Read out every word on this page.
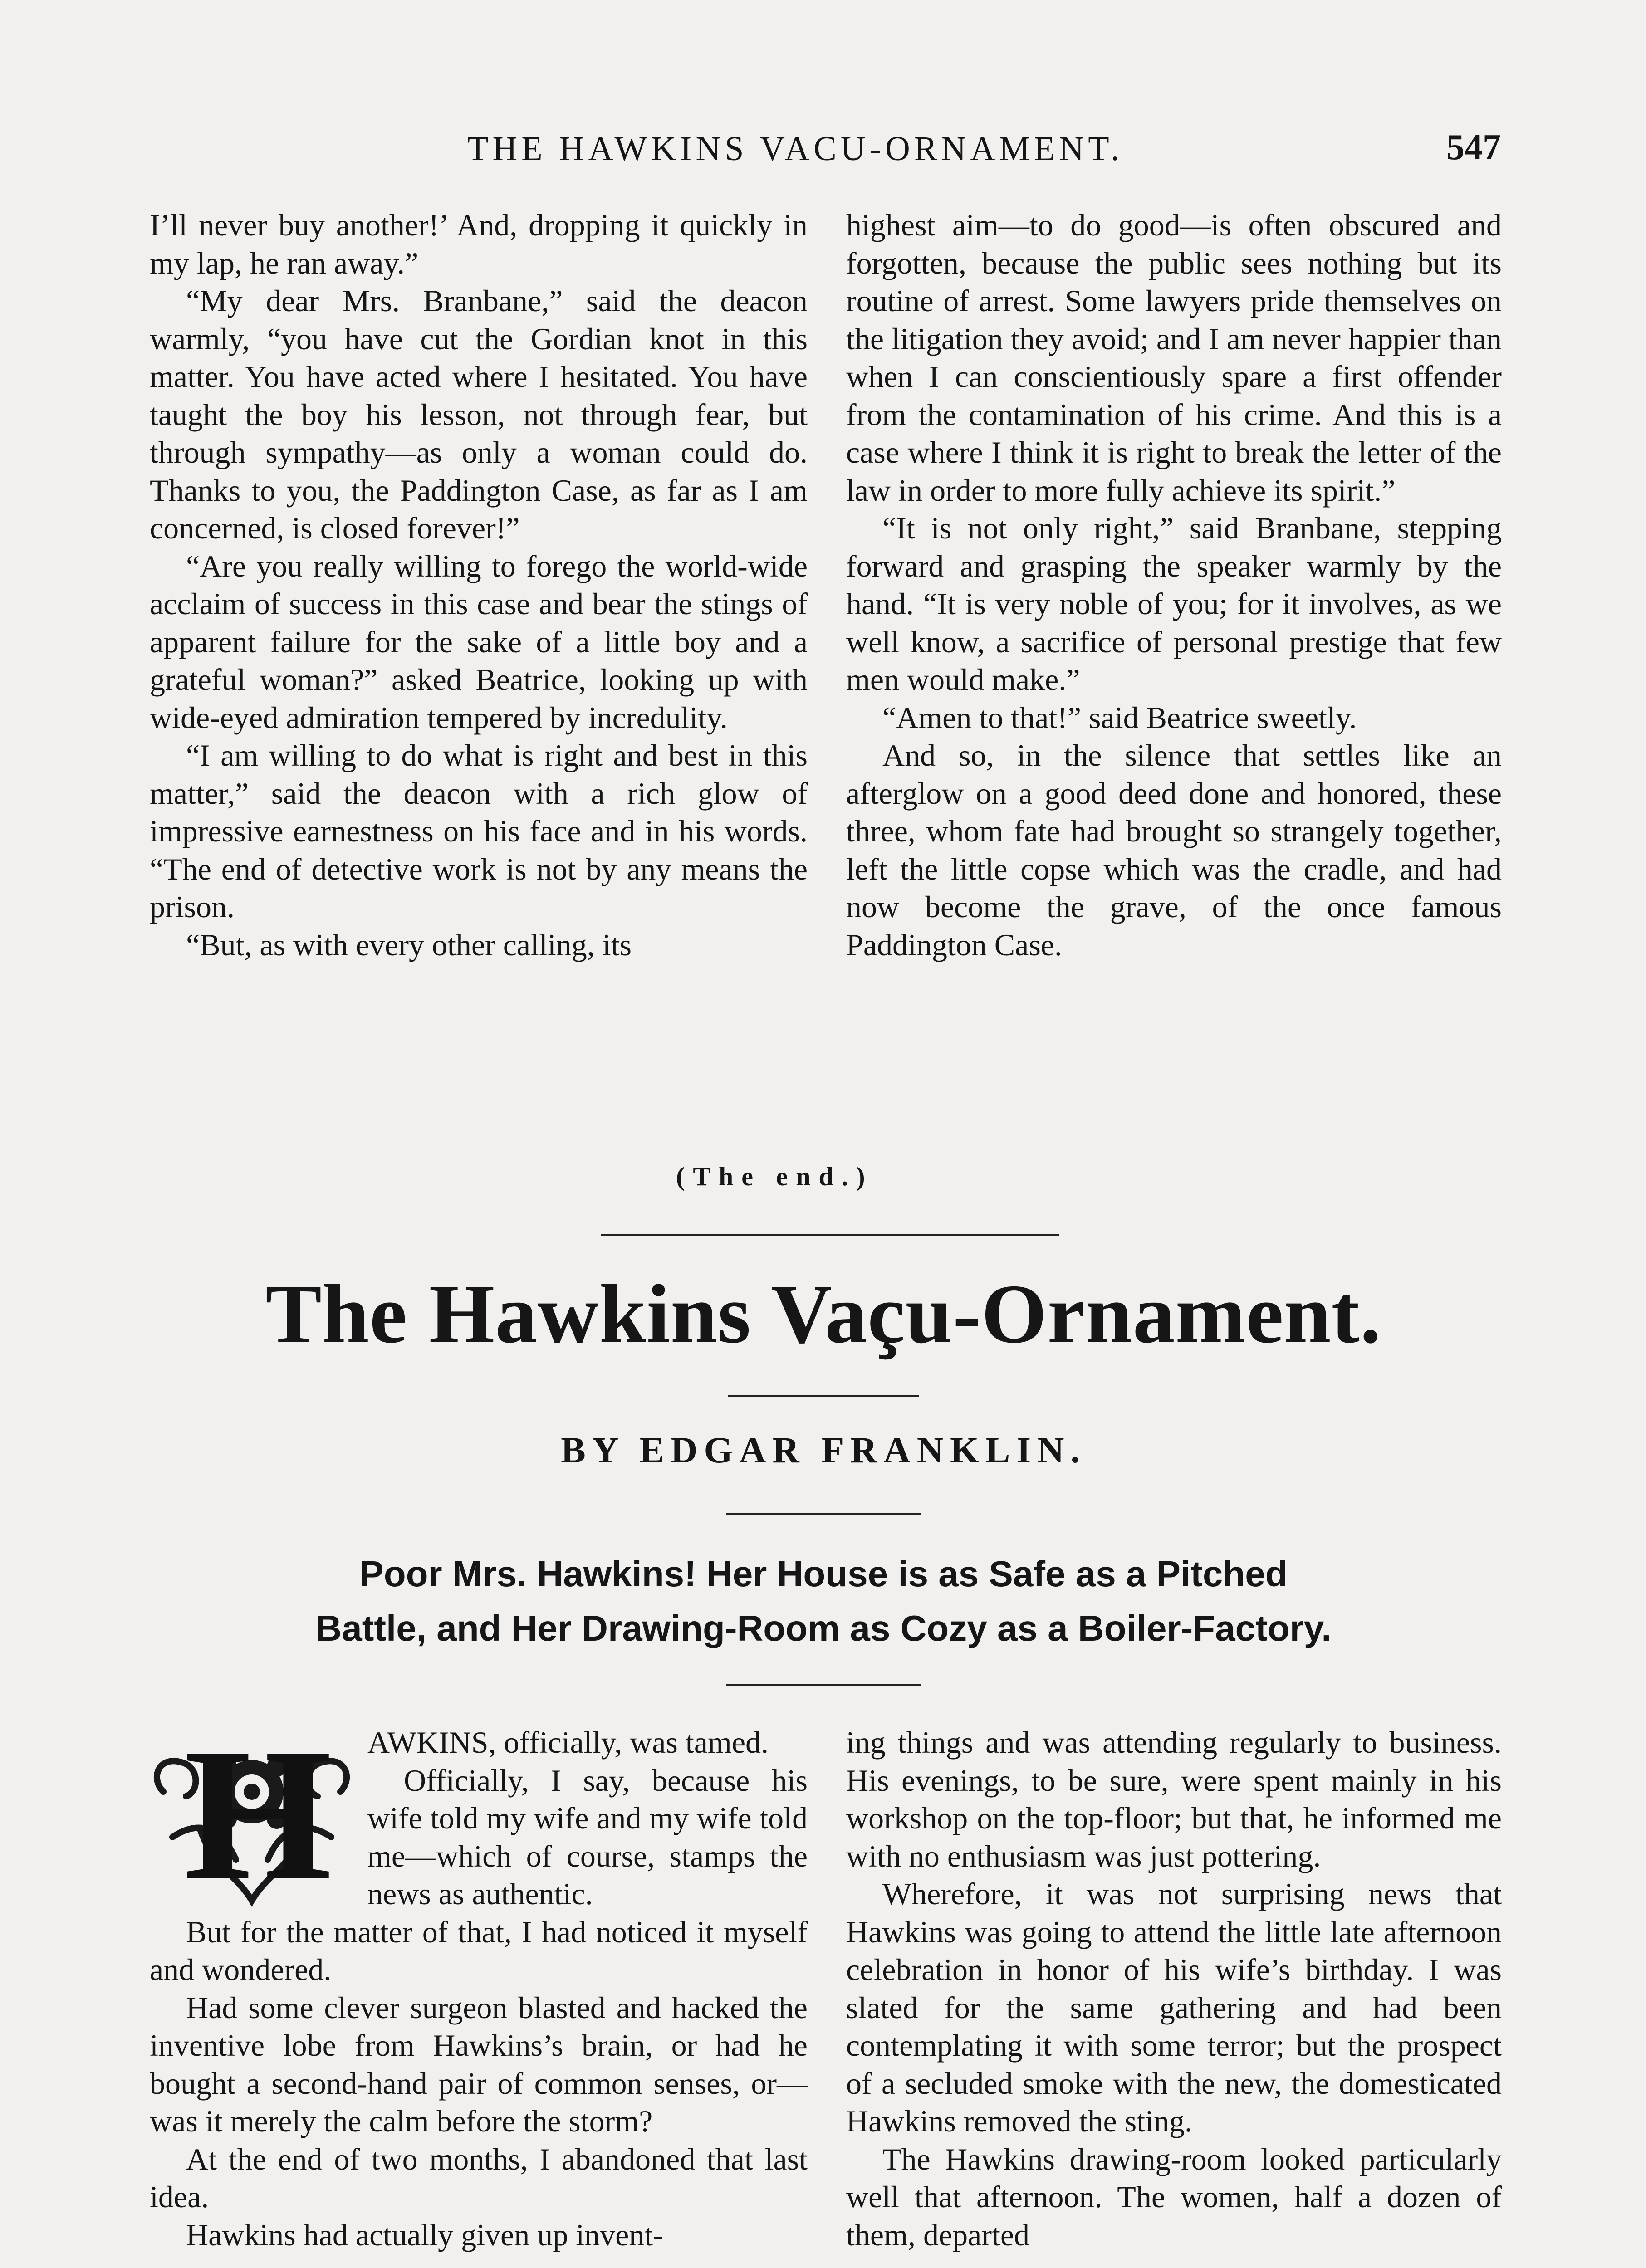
THE HAWKINS VACU-ORNAMENT.	547

I’ll never buy another!’ And, dropping it quickly in my lap, he ran away.”

“My dear Mrs. Branbane,” said the deacon warmly, “you have cut the Gordian knot in this matter. You have acted where I hesitated. You have taught the boy his lesson, not through fear, but through sympathy—as only a woman could do. Thanks to you, the Paddington Case, as far as I am concerned, is closed forever!”

“Are you really willing to forego the world-wide acclaim of success in this case and bear the stings of apparent failure for the sake of a little boy and a grateful woman?” asked Beatrice, looking up with wide-eyed admiration tempered by incredulity.

“I am willing to do what is right and best in this matter,” said the deacon with a rich glow of impressive earnestness on his face and in his words. “The end of detective work is not by any means the prison.

“But, as with every other calling, its

highest aim—to do good—is often obscured and forgotten, because the public sees nothing but its routine of arrest. Some lawyers pride themselves on the litigation they avoid; and I am never happier than when I can conscientiously spare a first offender from the contamination of his crime. And this is a case where I think it is right to break the letter of the law in order to more fully achieve its spirit.”

“It is not only right,” said Branbane, stepping forward and grasping the speaker warmly by the hand. “It is very noble of you; for it involves, as we well know, a sacrifice of personal prestige that few men would make.”

“Amen to that!” said Beatrice sweetly.

And so, in the silence that settles like an afterglow on a good deed done and honored, these three, whom fate had brought so strangely together, left the little copse which was the cradle, and had now become the grave, of the once famous Paddington Case.

(The end.)
The Hawkins Vaçu-Ornament.
BY EDGAR FRANKLIN.
Poor Mrs. Hawkins! Her House is as Safe as a Pitched
Battle, and Her Drawing-Room as Cozy as a Boiler-Factory.
H	AWKINS, officially, was tamed.

Officially, I say, because his wife told my wife and my wife told me—which of course, stamps the news as authentic.

But for the matter of that, I had noticed it myself and wondered.

Had some clever surgeon blasted and hacked the inventive lobe from Hawkins’s brain, or had he bought a second-hand pair of common senses, or—was it merely the calm before the storm?

At the end of two months, I abandoned that last idea.

Hawkins had actually given up invent-

ing things and was attending regularly to business. His evenings, to be sure, were spent mainly in his workshop on the top-floor; but that, he informed me with no enthusiasm was just pottering.

Wherefore, it was not surprising news that Hawkins was going to attend the little late afternoon celebration in honor of his wife’s birthday. I was slated for the same gathering and had been contemplating it with some terror; but the prospect of a secluded smoke with the new, the domesticated Hawkins removed the sting.

The Hawkins drawing-room looked particularly well that afternoon. The women, half a dozen of them, departed
